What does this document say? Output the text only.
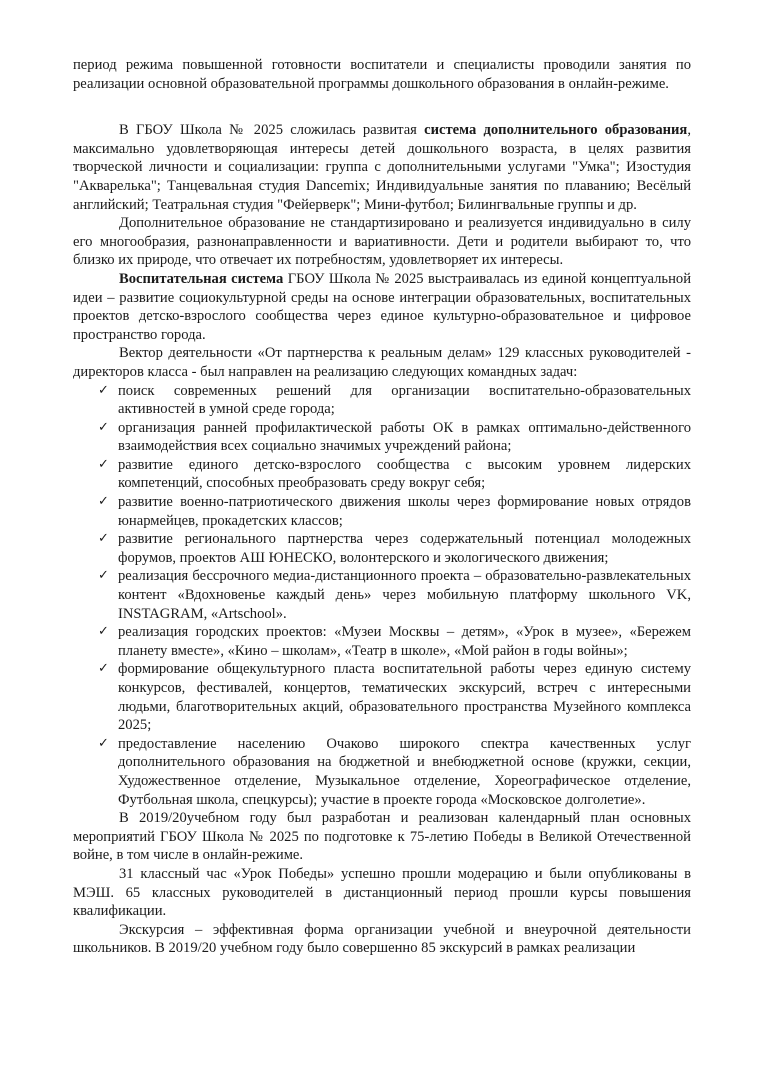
период режима повышенной готовности воспитатели и специалисты проводили занятия по реализации основной образовательной программы дошкольного образования в онлайн-режиме.

В ГБОУ Школа № 2025 сложилась развитая система дополнительного образования, максимально удовлетворяющая интересы детей дошкольного возраста, в целях развития творческой личности и социализации: группа с дополнительными услугами "Умка"; Изостудия "Акварелька"; Танцевальная студия Dancemix; Индивидуальные занятия по плаванию; Весёлый английский; Театральная студия "Фейерверк"; Мини-футбол; Билингвальные группы и др.

Дополнительное образование не стандартизировано и реализуется индивидуально в силу его многообразия, разнонаправленности и вариативности. Дети и родители выбирают то, что близко их природе, что отвечает их потребностям, удовлетворяет их интересы.

Воспитательная система ГБОУ Школа № 2025 выстраивалась из единой концептуальной идеи – развитие социокультурной среды на основе интеграции образовательных, воспитательных проектов детско-взрослого сообщества через единое культурно-образовательное и цифровое пространство города.

Вектор деятельности «От партнерства к реальным делам» 129 классных руководителей - директоров класса - был направлен на реализацию следующих командных задач:

✓ поиск современных решений для организации воспитательно-образовательных активностей в умной среде города;
✓ организация ранней профилактической работы ОК в рамках оптимально-действенного взаимодействия всех социально значимых учреждений района;
✓ развитие единого детско-взрослого сообщества с высоким уровнем лидерских компетенций, способных преобразовать среду вокруг себя;
✓ развитие военно-патриотического движения школы через формирование новых отрядов юнармейцев, прокадетских классов;
✓ развитие регионального партнерства через содержательный потенциал молодежных форумов, проектов АШ ЮНЕСКО, волонтерского и экологического движения;
✓ реализация бессрочного медиа-дистанционного проекта – образовательно-развлекательных контент «Вдохновенье каждый день» через мобильную платформу школьного VK, INSTAGRAM, «Artschool».
✓ реализация городских проектов: «Музеи Москвы – детям», «Урок в музее», «Бережем планету вместе», «Кино – школам», «Театр в школе», «Мой район в годы войны»;
✓ формирование общекультурного пласта воспитательной работы через единую систему конкурсов, фестивалей, концертов, тематических экскурсий, встреч с интересными людьми, благотворительных акций, образовательного пространства Музейного комплекса 2025;
✓ предоставление населению Очаково широкого спектра качественных услуг дополнительного образования на бюджетной и внебюджетной основе (кружки, секции, Художественное отделение, Музыкальное отделение, Хореографическое отделение, Футбольная школа, спецкурсы); участие в проекте города «Московское долголетие».

В 2019/20учебном году был разработан и реализован календарный план основных мероприятий ГБОУ Школа № 2025 по подготовке к 75-летию Победы в Великой Отечественной войне, в том числе в онлайн-режиме.

31 классный час «Урок Победы» успешно прошли модерацию и были опубликованы в МЭШ. 65 классных руководителей в дистанционный период прошли курсы повышения квалификации.

Экскурсия – эффективная форма организации учебной и внеурочной деятельности школьников. В 2019/20 учебном году было совершенно 85 экскурсий в рамках реализации
